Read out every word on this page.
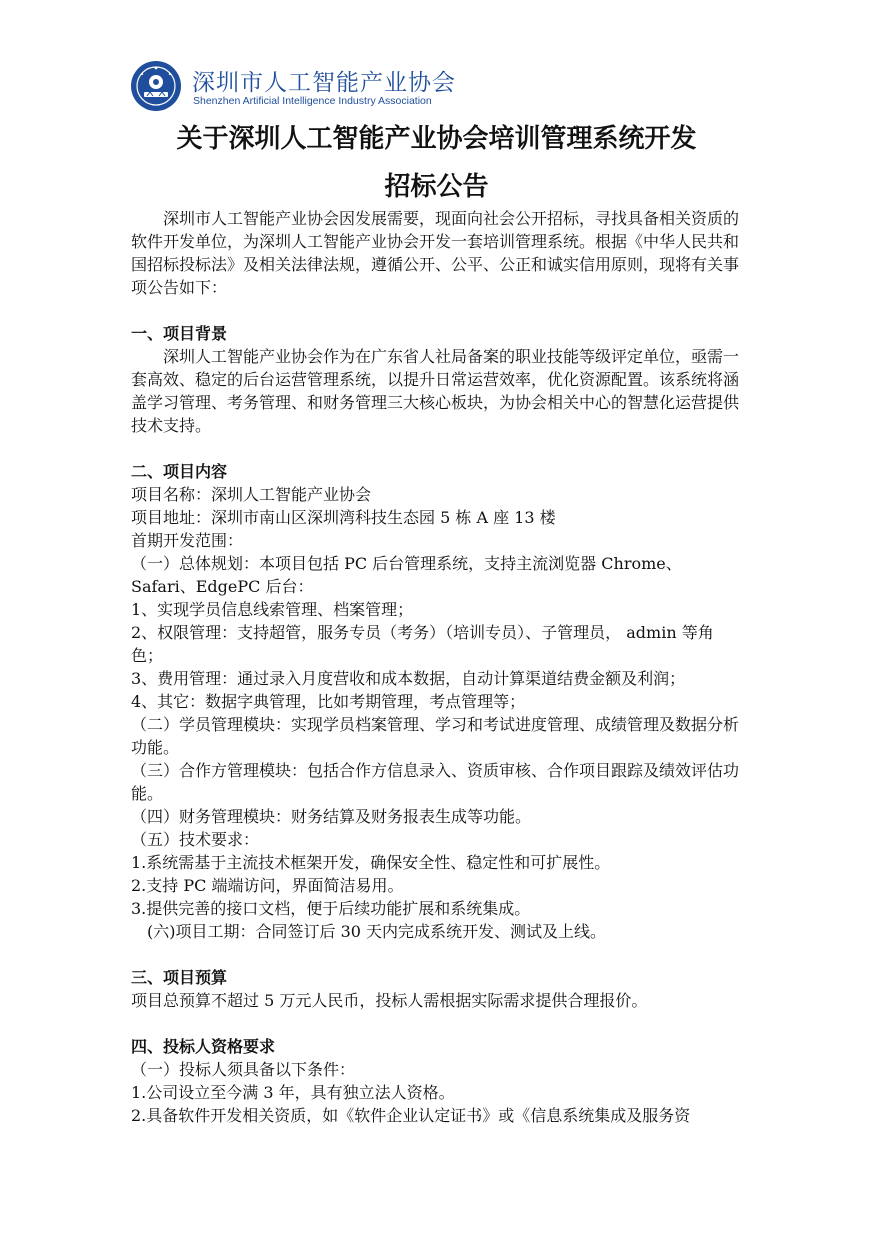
深圳市人工智能产业协会
Shenzhen Artificial Intelligence Industry Association
关于深圳人工智能产业协会培训管理系统开发
招标公告

深圳市人工智能产业协会因发展需要，现面向社会公开招标，寻找具备相关资质的软件开发单位，为深圳人工智能产业协会开发一套培训管理系统。根据《中华人民共和国招标投标法》及相关法律法规，遵循公开、公平、公正和诚实信用原则，现将有关事项公告如下：

一、项目背景

深圳人工智能产业协会作为在广东省人社局备案的职业技能等级评定单位，亟需一套高效、稳定的后台运营管理系统，以提升日常运营效率，优化资源配置。该系统将涵盖学习管理、考务管理、和财务管理三大核心板块，为协会相关中心的智慧化运营提供技术支持。

二、项目内容

项目名称：深圳人工智能产业协会

项目地址：深圳市南山区深圳湾科技生态园 5 栋 A 座 13 楼

首期开发范围：

（一）总体规划：本项目包括 PC 后台管理系统，支持主流浏览器 Chrome、Safari、EdgePC 后台：

1、实现学员信息线索管理、档案管理；

2、权限管理：支持超管，服务专员（考务）（培训专员）、子管理员， admin 等角色；

3、费用管理：通过录入月度营收和成本数据，自动计算渠道结费金额及利润；

4、其它：数据字典管理，比如考期管理，考点管理等；

（二）学员管理模块：实现学员档案管理、学习和考试进度管理、成绩管理及数据分析功能。

（三）合作方管理模块：包括合作方信息录入、资质审核、合作项目跟踪及绩效评估功能。

（四）财务管理模块：财务结算及财务报表生成等功能。

（五）技术要求：

1.系统需基于主流技术框架开发，确保安全性、稳定性和可扩展性。

2.支持 PC 端端访问，界面简洁易用。

3.提供完善的接口文档，便于后续功能扩展和系统集成。

(六)项目工期：合同签订后 30 天内完成系统开发、测试及上线。

三、项目预算

项目总预算不超过 5 万元人民币，投标人需根据实际需求提供合理报价。

四、投标人资格要求

（一）投标人须具备以下条件：

1.公司设立至今满 3 年，具有独立法人资格。

2.具备软件开发相关资质，如《软件企业认定证书》或《信息系统集成及服务资
